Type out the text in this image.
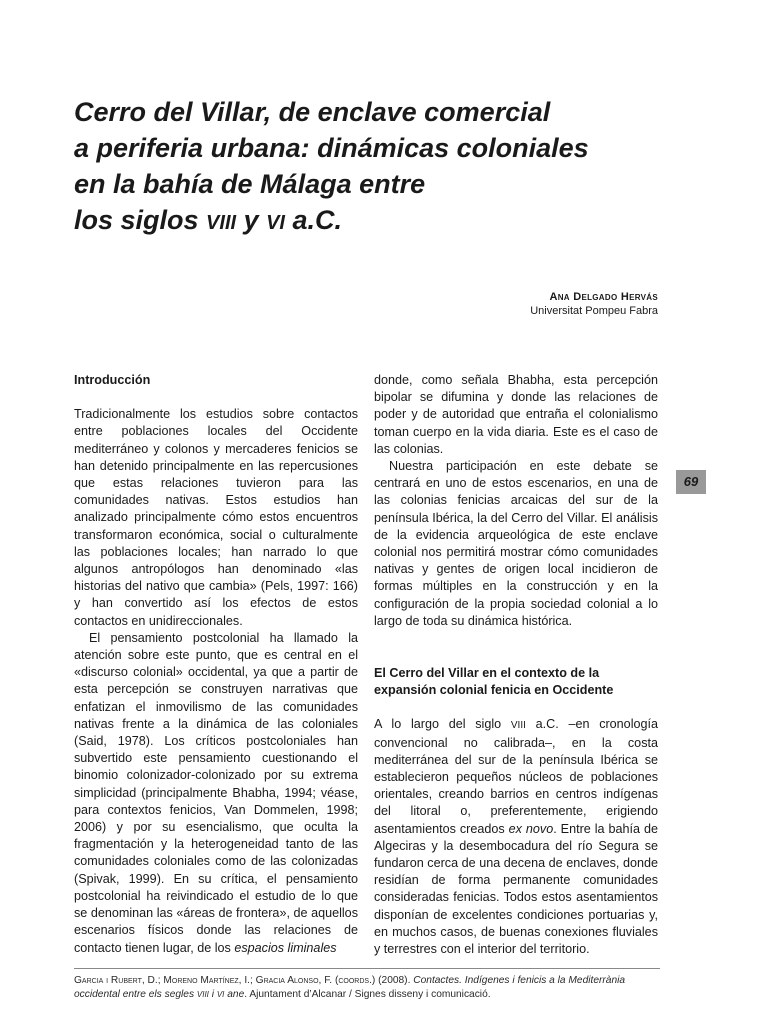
Cerro del Villar, de enclave comercial
a periferia urbana: dinámicas coloniales
en la bahía de Málaga entre
los siglos VIII y VI a.C.
Ana Delgado Hervás
Universitat Pompeu Fabra
Introducción

Tradicionalmente los estudios sobre contactos entre poblaciones locales del Occidente mediterráneo y colonos y mercaderes fenicios se han detenido principalmente en las repercusiones que estas relaciones tuvieron para las comunidades nativas. Estos estudios han analizado principalmente cómo estos encuentros transformaron económica, social o culturalmente las poblaciones locales; han narrado lo que algunos antropólogos han denominado «las historias del nativo que cambia» (Pels, 1997: 166) y han convertido así los efectos de estos contactos en unidireccionales.

El pensamiento postcolonial ha llamado la atención sobre este punto, que es central en el «discurso colonial» occidental, ya que a partir de esta percepción se construyen narrativas que enfatizan el inmovilismo de las comunidades nativas frente a la dinámica de las coloniales (Said, 1978). Los críticos postcoloniales han subvertido este pensamiento cuestionando el binomio colonizador-colonizado por su extrema simplicidad (principalmente Bhabha, 1994; véase, para contextos fenicios, Van Dommelen, 1998; 2006) y por su esencialismo, que oculta la fragmentación y la heterogeneidad tanto de las comunidades coloniales como de las colonizadas (Spivak, 1999). En su crítica, el pensamiento postcolonial ha reivindicado el estudio de lo que se denominan las «áreas de frontera», de aquellos escenarios físicos donde las relaciones de contacto tienen lugar, de los espacios liminales

donde, como señala Bhabha, esta percepción bipolar se difumina y donde las relaciones de poder y de autoridad que entraña el colonialismo toman cuerpo en la vida diaria. Este es el caso de las colonias.

Nuestra participación en este debate se centrará en uno de estos escenarios, en una de las colonias fenicias arcaicas del sur de la península Ibérica, la del Cerro del Villar. El análisis de la evidencia arqueológica de este enclave colonial nos permitirá mostrar cómo comunidades nativas y gentes de origen local incidieron de formas múltiples en la construcción y en la configuración de la propia sociedad colonial a lo largo de toda su dinámica histórica.

El Cerro del Villar en el contexto de la
expansión colonial fenicia en Occidente

A lo largo del siglo VIII a.C. –en cronología convencional no calibrada–, en la costa mediterránea del sur de la península Ibérica se establecieron pequeños núcleos de poblaciones orientales, creando barrios en centros indígenas del litoral o, preferentemente, erigiendo asentamientos creados ex novo. Entre la bahía de Algeciras y la desembocadura del río Segura se fundaron cerca de una decena de enclaves, donde residían de forma permanente comunidades consideradas fenicias. Todos estos asentamientos disponían de excelentes condiciones portuarias y, en muchos casos, de buenas conexiones fluviales y terrestres con el interior del territorio.

69
Garcia i Rubert, D.; Moreno Martínez, I.; Gracia Alonso, F. (coords.) (2008). Contactes. Indígenes i fenicis a la Mediterrània occidental entre els segles VIII i VI ane. Ajuntament d’Alcanar / Signes disseny i comunicació.
